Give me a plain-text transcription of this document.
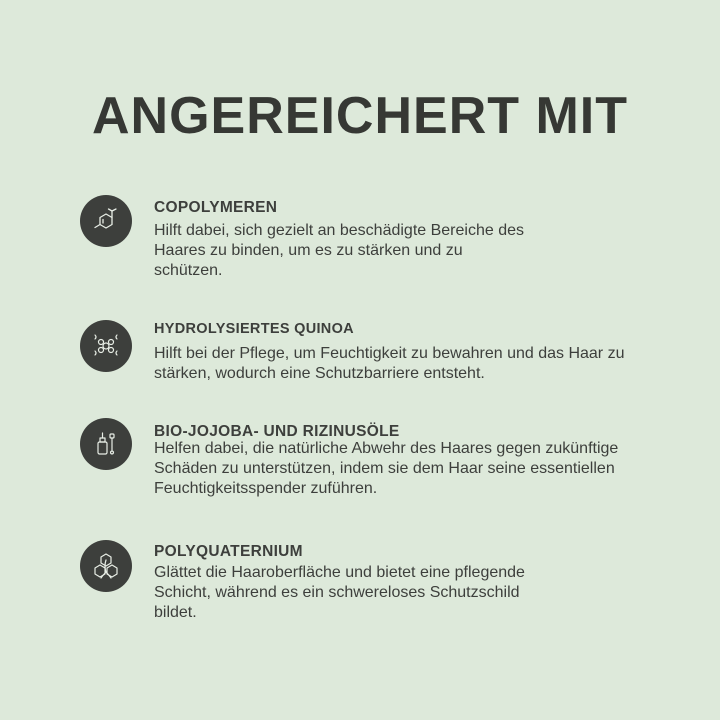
ANGEREICHERT MIT
COPOLYMEREN
Hilft dabei, sich gezielt an beschädigte Bereiche des
Haares zu binden, um es zu stärken und zu
schützen.
HYDROLYSIERTES QUINOA
Hilft bei der Pflege, um Feuchtigkeit zu bewahren und das Haar zu
stärken, wodurch eine Schutzbarriere entsteht.
BIO-JOJOBA- UND RIZINUSÖLE
Helfen dabei, die natürliche Abwehr des Haares gegen zukünftige
Schäden zu unterstützen, indem sie dem Haar seine essentiellen
Feuchtigkeitsspender zuführen.
POLYQUATERNIUM
Glättet die Haaroberfläche und bietet eine pflegende
Schicht, während es ein schwereloses Schutzschild
bildet.
